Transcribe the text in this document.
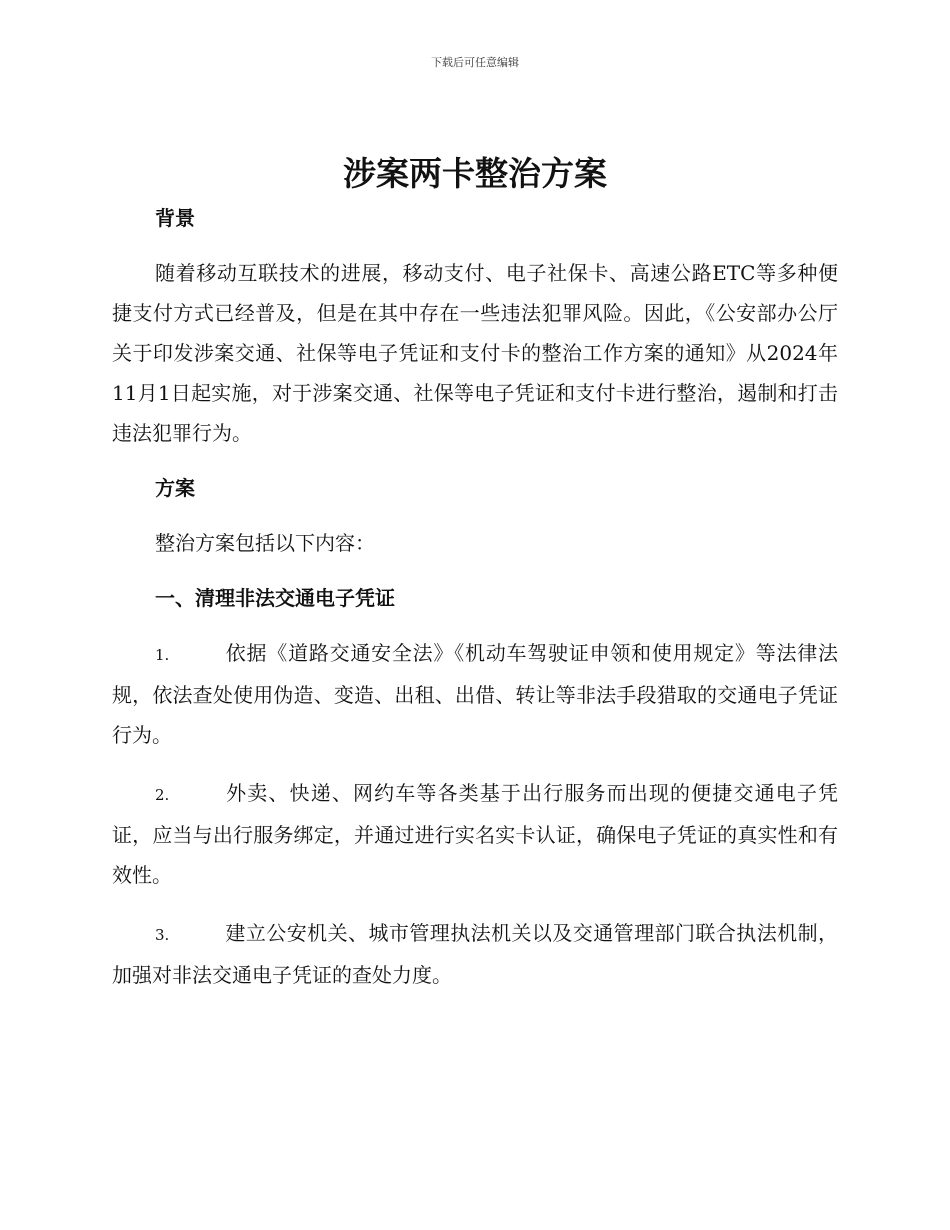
下载后可任意编辑
涉案两卡整治方案

背景

随着移动互联技术的进展，移动支付、电子社保卡、高速公路ETC等多种便捷支付方式已经普及，但是在其中存在一些违法犯罪风险。因此，《公安部办公厅关于印发涉案交通、社保等电子凭证和支付卡的整治工作方案的通知》从2024年11月1日起实施，对于涉案交通、社保等电子凭证和支付卡进行整治，遏制和打击违法犯罪行为。

方案

整治方案包括以下内容：

一、清理非法交通电子凭证

1.	依据《道路交通安全法》《机动车驾驶证申领和使用规定》等法律法规，依法查处使用伪造、变造、出租、出借、转让等非法手段猎取的交通电子凭证行为。

2.	外卖、快递、网约车等各类基于出行服务而出现的便捷交通电子凭证，应当与出行服务绑定，并通过进行实名实卡认证，确保电子凭证的真实性和有效性。

3.	建立公安机关、城市管理执法机关以及交通管理部门联合执法机制，加强对非法交通电子凭证的查处力度。
